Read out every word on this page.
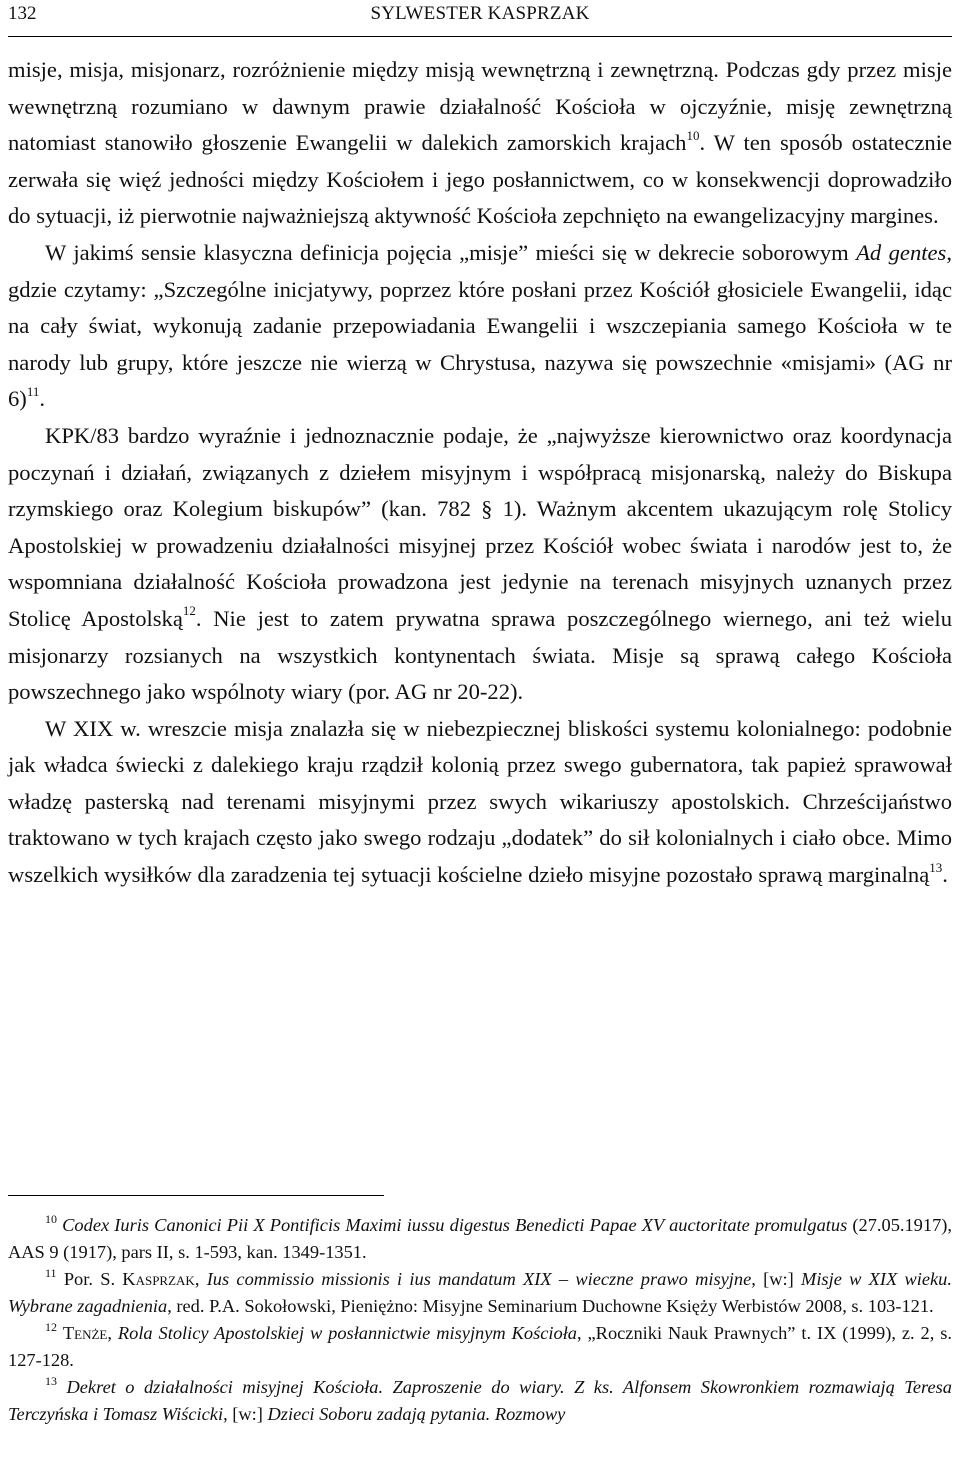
132	SYLWESTER KASPRZAK

misje, misja, misjonarz, rozróżnienie między misją wewnętrzną i zewnętrzną. Podczas gdy przez misje wewnętrzną rozumiano w dawnym prawie działalność Kościoła w ojczyźnie, misję zewnętrzną natomiast stanowiło głoszenie Ewangelii w dalekich zamorskich krajach$^{10}$. W ten sposób ostatecznie zerwała się więź jedności między Kościołem i jego posłannictwem, co w konsekwencji doprowadziło do sytuacji, iż pierwotnie najważniejszą aktywność Kościoła zepchnięto na ewangelizacyjny margines.

W jakimś sensie klasyczna definicja pojęcia „misje” mieści się w dekrecie soborowym Ad gentes, gdzie czytamy: „Szczególne inicjatywy, poprzez które posłani przez Kościół głosiciele Ewangelii, idąc na cały świat, wykonują zadanie przepowiadania Ewangelii i wszczepiania samego Kościoła w te narody lub grupy, które jeszcze nie wierzą w Chrystusa, nazywa się powszechnie «misjami» (AG nr 6)$^{11}$.

KPK/83 bardzo wyraźnie i jednoznacznie podaje, że „najwyższe kierownictwo oraz koordynacja poczynań i działań, związanych z dziełem misyjnym i współpracą misjonarską, należy do Biskupa rzymskiego oraz Kolegium biskupów” (kan. 782 § 1). Ważnym akcentem ukazującym rolę Stolicy Apostolskiej w prowadzeniu działalności misyjnej przez Kościół wobec świata i narodów jest to, że wspomniana działalność Kościoła prowadzona jest jedynie na terenach misyjnych uznanych przez Stolicę Apostolską$^{12}$. Nie jest to zatem prywatna sprawa poszczególnego wiernego, ani też wielu misjonarzy rozsianych na wszystkich kontynentach świata. Misje są sprawą całego Kościoła powszechnego jako wspólnoty wiary (por. AG nr 20-22).

W XIX w. wreszcie misja znalazła się w niebezpiecznej bliskości systemu kolonialnego: podobnie jak władca świecki z dalekiego kraju rządził kolonią przez swego gubernatora, tak papież sprawował władzę pasterską nad terenami misyjnymi przez swych wikariuszy apostolskich. Chrześcijaństwo traktowano w tych krajach często jako swego rodzaju „dodatek” do sił kolonialnych i ciało obce. Mimo wszelkich wysiłków dla zaradzenia tej sytuacji kościelne dzieło misyjne pozostało sprawą marginalną$^{13}$.

$^{10}$ Codex Iuris Canonici Pii X Pontificis Maximi iussu digestus Benedicti Papae XV auctoritate promulgatus (27.05.1917), AAS 9 (1917), pars II, s. 1-593, kan. 1349-1351.

$^{11}$ Por. S. Kasprzak, Ius commissio missionis i ius mandatum XIX – wieczne prawo misyjne, [w:] Misje w XIX wieku. Wybrane zagadnienia, red. P.A. Sokołowski, Pieniężno: Misyjne Seminarium Duchowne Księży Werbistów 2008, s. 103-121.

$^{12}$ Tenże, Rola Stolicy Apostolskiej w posłannictwie misyjnym Kościoła, „Roczniki Nauk Prawnych” t. IX (1999), z. 2, s. 127-128.

$^{13}$ Dekret o działalności misyjnej Kościoła. Zaproszenie do wiary. Z ks. Alfonsem Skowronkiem rozmawiają Teresa Terczyńska i Tomasz Wiścicki, [w:] Dzieci Soboru zadają pytania. Rozmowy
